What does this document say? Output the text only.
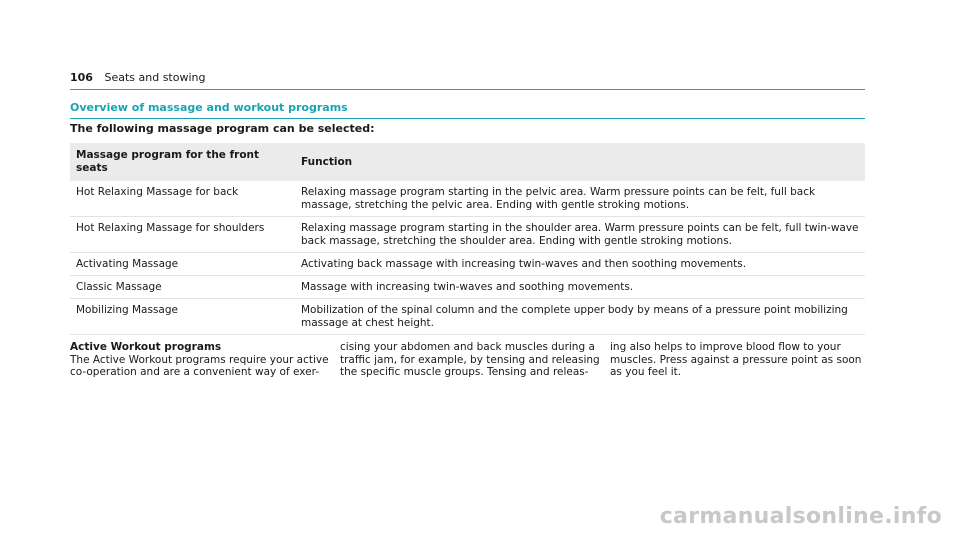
106 Seats and stowing
Overview of massage and workout programs
The following massage program can be selected:
Massage program for the front seats	Function
Hot Relaxing Massage for back	Relaxing massage program starting in the pelvic area. Warm pressure points can be felt, full back massage, stretching the pelvic area. Ending with gentle stroking motions.
Hot Relaxing Massage for shoulders	Relaxing massage program starting in the shoulder area. Warm pressure points can be felt, full twin-wave back massage, stretching the shoulder area. Ending with gentle stroking motions.
Activating Massage	Activating back massage with increasing twin-waves and then soothing movements.
Classic Massage	Massage with increasing twin-waves and soothing movements.
Mobilizing Massage	Mobilization of the spinal column and the complete upper body by means of a pressure point mobilizing massage at chest height.
Active Workout programs
The Active Workout programs require your active co-operation and are a convenient way of exer-
cising your abdomen and back muscles during a traffic jam, for example, by tensing and releasing the specific muscle groups. Tensing and releas-
ing also helps to improve blood flow to your muscles. Press against a pressure point as soon as you feel it.
carmanualsonline.info
